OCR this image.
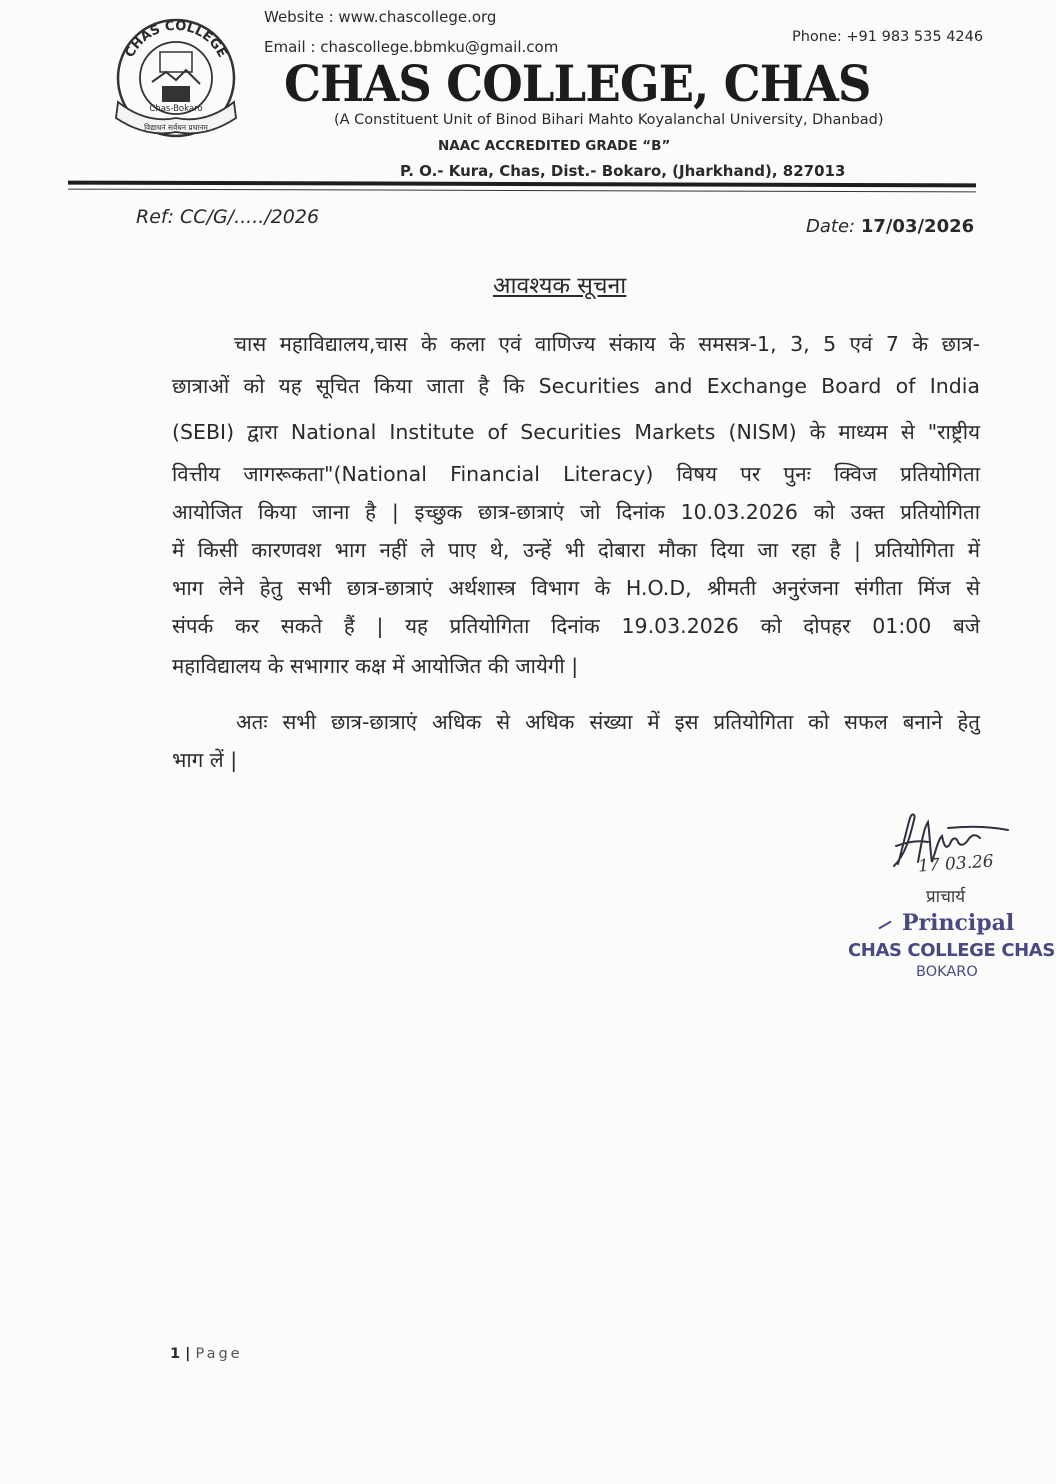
CHAS COLLEGE
Chas-Bokaro
विद्याधनं सर्वधन प्रधानम्
Website : www.chascollege.org
Email : chascollege.bbmku@gmail.com
Phone: +91 983 535 4246
CHAS COLLEGE, CHAS
(A Constituent Unit of Binod Bihari Mahto Koyalanchal University, Dhanbad)
NAAC ACCREDITED GRADE “B”
P. O.- Kura, Chas, Dist.- Bokaro, (Jharkhand), 827013
Ref: CC/G/...../2026	Date: 17/03/2026
आवश्यक सूचना
चास महाविद्यालय,चास के कला एवं वाणिज्य संकाय के समसत्र-1, 3, 5 एवं 7 के छात्र-
छात्राओं को यह सूचित किया जाता है कि Securities and Exchange Board of India
(SEBI) द्वारा National Institute of Securities Markets (NISM) के माध्यम से "राष्ट्रीय
वित्तीय जागरूकता"(National Financial Literacy) विषय पर पुनः क्विज प्रतियोगिता
आयोजित किया जाना है | इच्छुक छात्र-छात्राएं जो दिनांक 10.03.2026 को उक्त प्रतियोगिता
में किसी कारणवश भाग नहीं ले पाए थे, उन्हें भी दोबारा मौका दिया जा रहा है | प्रतियोगिता में
भाग लेने हेतु सभी छात्र-छात्राएं अर्थशास्त्र विभाग के H.O.D, श्रीमती अनुरंजना संगीता मिंज से
संपर्क कर सकते हैं | यह प्रतियोगिता दिनांक 19.03.2026 को दोपहर 01:00 बजे
महाविद्यालय के सभागार कक्ष में आयोजित की जायेगी |
अतः सभी छात्र-छात्राएं अधिक से अधिक संख्या में इस प्रतियोगिता को सफल बनाने हेतु
भाग लें |
17 03.26
प्राचार्य
Principal
CHAS COLLEGE CHAS
BOKARO
1 | Page
